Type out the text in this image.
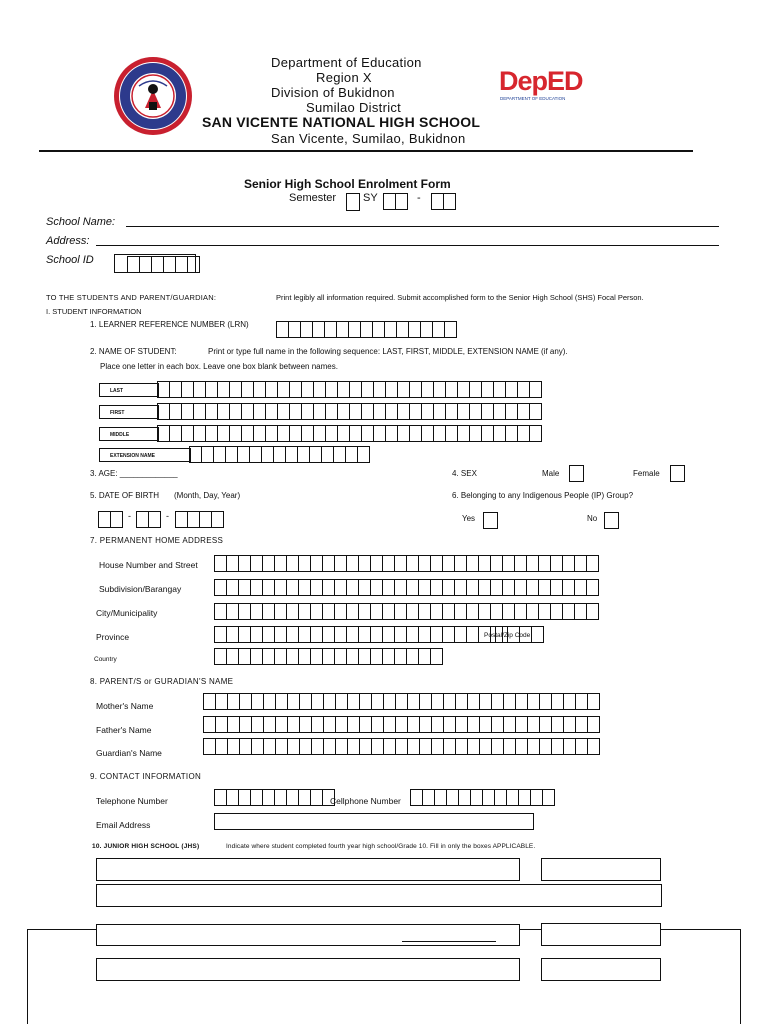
Department of Education
Region X
Division of Bukidnon
Sumilao District
SAN VICENTE NATIONAL HIGH SCHOOL
San Vicente, Sumilao, Bukidnon
DepED
DEPARTMENT OF EDUCATION
Senior High School Enrolment Form
Semester SY	-
School Name:
Address:
School ID
TO THE STUDENTS AND PARENT/GUARDIAN:	Print legibly all information required. Submit accomplished form to the Senior High School (SHS) Focal Person.
I. STUDENT INFORMATION
1. LEARNER REFERENCE NUMBER (LRN)
2. NAME OF STUDENT:	Print or type full name in the following sequence: LAST, FIRST, MIDDLE, EXTENSION NAME (if any).
Place one letter in each box. Leave one box blank between names.
LAST
FIRST
MIDDLE
EXTENSION NAME
3. AGE: _____________	4. SEX	Male	Female
5. DATE OF BIRTH (Month, Day, Year)	6. Belonging to any Indigenous People (IP) Group?
-	-	Yes	No
7. PERMANENT HOME ADDRESS
House Number and Street
Subdivision/Barangay
City/Municipality
Province	Postal/Zip Code
Country
8. PARENT/S or GURADIAN'S NAME
Mother's Name
Father's Name
Guardian's Name
9. CONTACT INFORMATION
Telephone Number	Cellphone Number
Email Address
10. JUNIOR HIGH SCHOOL (JHS)	Indicate where student completed fourth year high school/Grade 10. Fill in only the boxes APPLICABLE.
